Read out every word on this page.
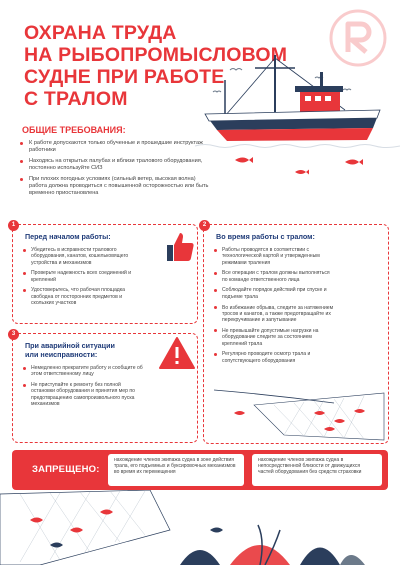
ОХРАНА ТРУДА
НА РЫБОПРОМЫСЛОВОМ
СУДНЕ ПРИ РАБОТЕ
С ТРАЛОМ
ОБЩИЕ ТРЕБОВАНИЯ:
К работе допускаются только обученные и прошедшие инструктаж работники
Находясь на открытых палубах и вблизи тралового оборудования, постоянно используйте СИЗ
При плохих погодных условиях (сильный ветер, высокая волна) работа должна проводиться с повышенной осторожностью или быть временно приостановлена
1
Перед началом работы:
Убедитесь в исправности тралового оборудования, канатов, кошельковящего устройства и механизмов
Проверьте надежность всех соединений и креплений
Удостоверьтесь, что рабочая площадка свободна от посторонних предметов и скользких участков
2
Во время работы с тралом:
Работы проводятся в соответствии с технологической картой и утвержденным режимами траления
Все операции с тралом должны выполняться по команде ответственного лица
Соблюдайте порядок действий при спуске и подъеме трала
Во избежание обрыва, следите за натяжением тросов и канатов, а также предотвращайте их перекручивание и запутывание
Не превышайте допустимые нагрузки на оборудование следите за состоянием креплений трала
Регулярно проводите осмотр трала и сопутствующего оборудования
3
При аварийной ситуации
или неисправности:
Немедленно прекратите работу и сообщите об этом ответственному лицу
Не приступайте к ремонту без полной остановки оборудования и принятия мер по предотвращению самопроизвольного пуска механизмов
ЗАПРЕЩЕНО:
нахождение членов экипажа судна в зоне действия трала, его подъемных и буксировочных механизмов во время их перемещения
нахождение членов экипажа судна в непосредственной близости от движущихся частей оборудования без средств страховки
